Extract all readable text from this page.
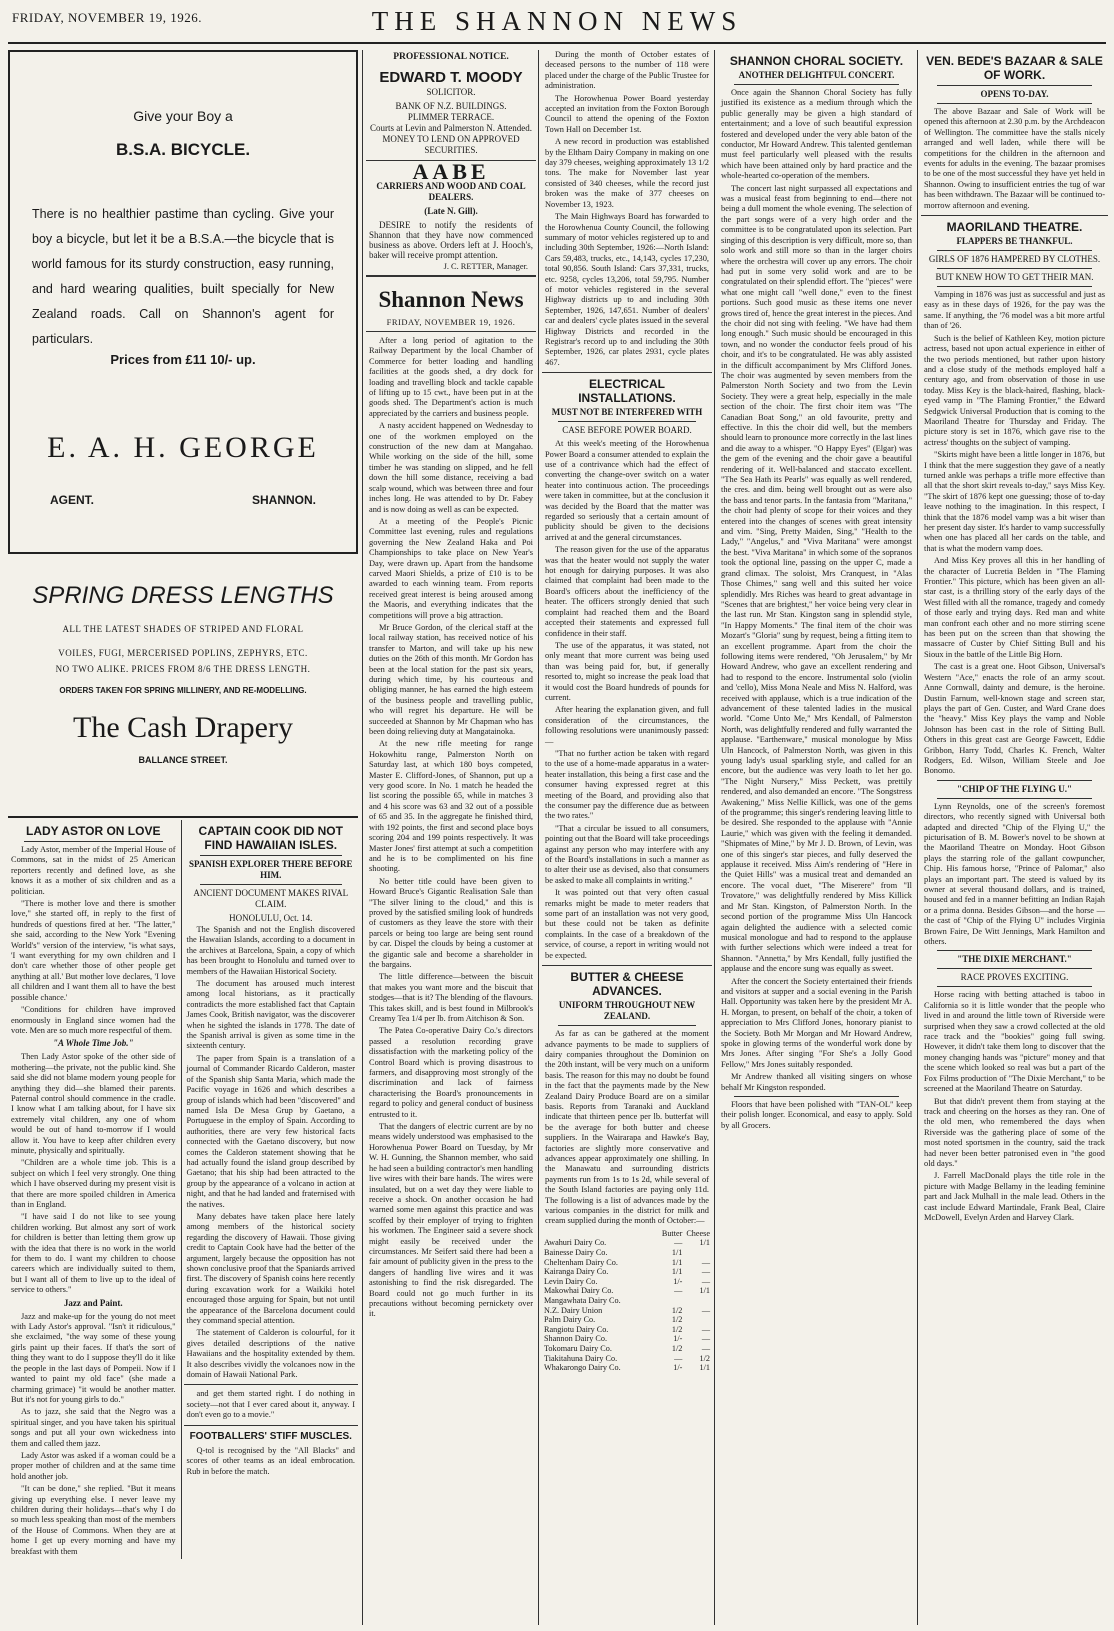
FRIDAY, NOVEMBER 19, 1926.	THE SHANNON NEWS

Give your Boy a

B.S.A. BICYCLE.

There is no healthier pastime than cycling. Give your boy a bicycle, but let it be a B.S.A.—the bicycle that is world famous for its sturdy construction, easy running, and hard wearing qualities, built specially for New Zealand roads. Call on Shannon's agent for particulars.

Prices from £11 10/- up.

E. A. H. GEORGE

AGENT.	SHANNON.

SPRING DRESS LENGTHS

ALL THE LATEST SHADES OF STRIPED AND FLORAL

VOILES, FUGI, MERCERISED POPLINS, ZEPHYRS, ETC.

NO TWO ALIKE. PRICES FROM 8/6 THE DRESS LENGTH.

ORDERS TAKEN FOR SPRING MILLINERY, AND RE-MODELLING.

The Cash Drapery

BALLANCE STREET.

LADY ASTOR ON LOVE

Lady Astor, member of the Imperial House of Commons, sat in the midst of 25 American reporters recently and defined love, as she knows it as a mother of six children and as a politician.

"There is mother love and there is smother love," she started off, in reply to the first of hundreds of questions fired at her. "The latter," she said, according to the New York "Evening World's" version of the interview, "is what says, 'I want everything for my own children and I don't care whether those of other people get anything at all.' But mother love declares, 'I love all children and I want them all to have the best possible chance.'

"Conditions for children have improved enormously in England since women had the vote. Men are so much more respectful of them.

"A Whole Time Job."

Then Lady Astor spoke of the other side of mothering—the private, not the public kind. She said she did not blame modern young people for anything they did—she blamed their parents. Paternal control should commence in the cradle. I know what I am talking about, for I have six extremely vital children, any one of whom would be out of hand to-morrow if I would allow it. You have to keep after children every minute, physically and spiritually.

"Children are a whole time job. This is a subject on which I feel very strongly. One thing which I have observed during my present visit is that there are more spoiled children in America than in England.

"I have said I do not like to see young children working. But almost any sort of work for children is better than letting them grow up with the idea that there is no work in the world for them to do. I want my children to choose careers which are individually suited to them, but I want all of them to live up to the ideal of service to others."

Jazz and Paint.

Jazz and make-up for the young do not meet with Lady Astor's approval. "Isn't it ridiculous," she exclaimed, "the way some of these young girls paint up their faces. If that's the sort of thing they want to do I suppose they'll do it like the people in the last days of Pompeii. Now if I wanted to paint my old face" (she made a charming grimace) "it would be another matter. But it's not for young girls to do."

As to jazz, she said that the Negro was a spiritual singer, and you have taken his spiritual songs and put all your own wickedness into them and called them jazz.

Lady Astor was asked if a woman could be a proper mother of children and at the same time hold another job.

"It can be done," she replied. "But it means giving up everything else. I never leave my children during their holidays—that's why I do so much less speaking than most of the members of the House of Commons. When they are at home I get up every morning and have my breakfast with them

CAPTAIN COOK DID NOT FIND HAWAIIAN ISLES.
SPANISH EXPLORER THERE BEFORE HIM.
ANCIENT DOCUMENT MAKES RIVAL CLAIM.
HONOLULU, Oct. 14.

The Spanish and not the English discovered the Hawaiian Islands, according to a document in the archives at Barcelona, Spain, a copy of which has been brought to Honolulu and turned over to members of the Hawaiian Historical Society.

The document has aroused much interest among local historians, as it practically contradicts the more established fact that Captain James Cook, British navigator, was the discoverer when he sighted the islands in 1778. The date of the Spanish arrival is given as some time in the sixteenth century.

The paper from Spain is a translation of a journal of Commander Ricardo Calderon, master of the Spanish ship Santa Maria, which made the Pacific voyage in 1626 and which describes a group of islands which had been "discovered" and named Isla De Mesa Grup by Gaetano, a Portuguese in the employ of Spain. According to authorities, there are very few historical facts connected with the Gaetano discovery, but now comes the Calderon statement showing that he had actually found the island group described by Gaetano; that his ship had been attracted to the group by the appearance of a volcano in action at night, and that he had landed and fraternised with the natives.

Many debates have taken place here lately among members of the historical society regarding the discovery of Hawaii. Those giving credit to Captain Cook have had the better of the argument, largely because the opposition has not shown conclusive proof that the Spaniards arrived first. The discovery of Spanish coins here recently during excavation work for a Waikiki hotel encouraged those arguing for Spain, but not until the appearance of the Barcelona document could they command special attention.

The statement of Calderon is colourful, for it gives detailed descriptions of the native Hawaiians and the hospitality extended by them. It also describes vividly the volcanoes now in the domain of Hawaii National Park.

and get them started right. I do nothing in society—not that I ever cared about it, anyway. I don't even go to a movie."

FOOTBALLERS' STIFF MUSCLES.

Q-tol is recognised by the "All Blacks" and scores of other teams as an ideal embrocation. Rub in before the match.

PROFESSIONAL NOTICE.
EDWARD T. MOODY
SOLICITOR.
BANK OF N.Z. BUILDINGS.
PLIMMER TERRACE.
Courts at Levin and Palmerston N. Attended.
MONEY TO LEND ON APPROVED SECURITIES.
AABE
CARRIERS AND WOOD AND COAL DEALERS.
(Late N. Gill).

DESIRE to notify the residents of Shannon that they have now commenced business as above. Orders left at J. Hooch's, baker will receive prompt attention.

J. C. RETTER, Manager.
Shannon News
FRIDAY, NOVEMBER 19, 1926.

After a long period of agitation to the Railway Department by the local Chamber of Commerce for better loading and handling facilities at the goods shed, a dry dock for loading and travelling block and tackle capable of lifting up to 15 cwt., have been put in at the goods shed. The Department's action is much appreciated by the carriers and business people.

A nasty accident happened on Wednesday to one of the workmen employed on the construction of the new dam at Mangahao. While working on the side of the hill, some timber he was standing on slipped, and he fell down the hill some distance, receiving a bad scalp wound, which was between three and four inches long. He was attended to by Dr. Fabey and is now doing as well as can be expected.

At a meeting of the People's Picnic Committee last evening, rules and regulations governing the New Zealand Haka and Poi Championships to take place on New Year's Day, were drawn up. Apart from the handsome carved Maori Shields, a prize of £10 is to be awarded to each winning team. From reports received great interest is being aroused among the Maoris, and everything indicates that the competitions will prove a big attraction.

Mr Bruce Gordon, of the clerical staff at the local railway station, has received notice of his transfer to Marton, and will take up his new duties on the 26th of this month. Mr Gordon has been at the local station for the past six years, during which time, by his courteous and obliging manner, he has earned the high esteem of the business people and travelling public, who will regret his departure. He will be succeeded at Shannon by Mr Chapman who has been doing relieving duty at Mangatainoka.

At the new rifle meeting for range Hokowhitu range, Palmerston North on Saturday last, at which 180 boys competed, Master E. Clifford-Jones, of Shannon, put up a very good score. In No. 1 match he headed the list scoring the possible 65, while in matches 3 and 4 his score was 63 and 32 out of a possible of 65 and 35. In the aggregate he finished third, with 192 points, the first and second place boys scoring 204 and 199 points respectively. It was Master Jones' first attempt at such a competition and he is to be complimented on his fine shooting.

No better title could have been given to Howard Bruce's Gigantic Realisation Sale than "The silver lining to the cloud," and this is proved by the satisfied smiling look of hundreds of customers as they leave the store with their parcels or being too large are being sent round by car. Dispel the clouds by being a customer at the gigantic sale and become a shareholder in the bargains.

The little difference—between the biscuit that makes you want more and the biscuit that stodges—that is it? The blending of the flavours. This takes skill, and is best found in Milbrook's Creamy Tea 1/4 per lb. from Aitchison & Son.

The Patea Co-operative Dairy Co.'s directors passed a resolution recording grave dissatisfaction with the marketing policy of the Control Board which is proving disastrous to farmers, and disapproving most strongly of the discrimination and lack of fairness characterising the Board's pronouncements in regard to policy and general conduct of business entrusted to it.

That the dangers of electric current are by no means widely understood was emphasised to the Horowhenua Power Board on Tuesday, by Mr W. H. Gunning, the Shannon member, who said he had seen a building contractor's men handling live wires with their bare hands. The wires were insulated, but on a wet day they were liable to receive a shock. On another occasion he had warned some men against this practice and was scoffed by their employer of trying to frighten his workmen. The Engineer said a severe shock might easily be received under the circumstances. Mr Seifert said there had been a fair amount of publicity given in the press to the dangers of handling live wires and it was astonishing to find the risk disregarded. The Board could not go much further in its precautions without becoming pernickety over it.

During the month of October estates of deceased persons to the number of 118 were placed under the charge of the Public Trustee for administration.

The Horowhenua Power Board yesterday accepted an invitation from the Foxton Borough Council to attend the opening of the Foxton Town Hall on December 1st.

A new record in production was established by the Eltham Dairy Company in making on one day 379 cheeses, weighing approximately 13 1/2 tons. The make for November last year consisted of 340 cheeses, while the record just broken was the make of 377 cheeses on November 13, 1923.

The Main Highways Board has forwarded to the Horowhenua County Council, the following summary of motor vehicles registered up to and including 30th September, 1926:—North Island: Cars 59,483, trucks, etc., 14,143, cycles 17,230, total 90,856. South Island: Cars 37,331, trucks, etc. 9258, cycles 13,206, total 59,795. Number of motor vehicles registered in the several Highway districts up to and including 30th September, 1926, 147,651. Number of dealers' car and dealers' cycle plates issued in the several Highway Districts and recorded in the Registrar's record up to and including the 30th September, 1926, car plates 2931, cycle plates 467.

ELECTRICAL INSTALLATIONS.
MUST NOT BE INTERFERED WITH
CASE BEFORE POWER BOARD.

At this week's meeting of the Horowhenua Power Board a consumer attended to explain the use of a contrivance which had the effect of converting the change-over switch on a water heater into continuous action. The proceedings were taken in committee, but at the conclusion it was decided by the Board that the matter was regarded so seriously that a certain amount of publicity should be given to the decisions arrived at and the general circumstances.

The reason given for the use of the apparatus was that the heater would not supply the water hot enough for dairying purposes. It was also claimed that complaint had been made to the Board's officers about the inefficiency of the heater. The officers strongly denied that such complaint had reached them and the Board accepted their statements and expressed full confidence in their staff.

The use of the apparatus, it was stated, not only meant that more current was being used than was being paid for, but, if generally resorted to, might so increase the peak load that it would cost the Board hundreds of pounds for current.

After hearing the explanation given, and full consideration of the circumstances, the following resolutions were unanimously passed:—

"That no further action be taken with regard to the use of a home-made apparatus in a water-heater installation, this being a first case and the consumer having expressed regret at this meeting of the Board, and providing also that the consumer pay the difference due as between the two rates."

"That a circular be issued to all consumers, pointing out that the Board will take proceedings against any person who may interfere with any of the Board's installations in such a manner as to alter their use as devised, also that consumers be asked to make all complaints in writing."

It was pointed out that very often casual remarks might be made to meter readers that some part of an installation was not very good, but these could not be taken as definite complaints. In the case of a breakdown of the service, of course, a report in writing would not be expected.

BUTTER & CHEESE ADVANCES.
UNIFORM THROUGHOUT NEW ZEALAND.

As far as can be gathered at the moment advance payments to be made to suppliers of dairy companies throughout the Dominion on the 20th instant, will be very much on a uniform basis. The reason for this may no doubt be found in the fact that the payments made by the New Zealand Dairy Produce Board are on a similar basis. Reports from Taranaki and Auckland indicate that thirteen pence per lb. butterfat will be the average for both butter and cheese suppliers. In the Wairarapa and Hawke's Bay, factories are slightly more conservative and advances appear approximately one shilling. In the Manawatu and surrounding districts payments run from 1s to 1s 2d, while several of the South Island factories are paying only 11d. The following is a list of advances made by the various companies in the district for milk and cream supplied during the month of October:—

	Butter	Cheese
Awahuri Dairy Co.	—	1/1
Bainesse Dairy Co.	1/1	
Cheltenham Dairy Co.	1/1	—
Kairanga Dairy Co.	1/1	—
Levin Dairy Co.	1/-	—
Makowhai Dairy Co.	—	1/1
Mangawhata Dairy Co.		
N.Z. Dairy Union	1/2	—
Palm Dairy Co.	1/2	
Rangiotu Dairy Co.	1/2	—
Shannon Dairy Co.	1/-	—
Tokomaru Dairy Co.	1/2	—
Tiakitahuna Dairy Co.	—	1/2
Whakarongo Dairy Co.	1/-	1/1
SHANNON CHORAL SOCIETY.
ANOTHER DELIGHTFUL CONCERT.

Once again the Shannon Choral Society has fully justified its existence as a medium through which the public generally may be given a high standard of entertainment; and a love of such beautiful expression fostered and developed under the very able baton of the conductor, Mr Howard Andrew. This talented gentleman must feel particularly well pleased with the results which have been attained only by hard practice and the whole-hearted co-operation of the members.

The concert last night surpassed all expectations and was a musical feast from beginning to end—there not being a dull moment the whole evening. The selection of the part songs were of a very high order and the committee is to be congratulated upon its selection. Part singing of this description is very difficult, more so, than solo work and still more so than in the larger choirs where the orchestra will cover up any errors. The choir had put in some very solid work and are to be congratulated on their splendid effort. The "pieces" were what one might call "well done," even to the finest portions. Such good music as these items one never grows tired of, hence the great interest in the pieces. And the choir did not sing with feeling. "We have had them long enough." Such music should be encouraged in this town, and no wonder the conductor feels proud of his choir, and it's to be congratulated. He was ably assisted in the difficult accompaniment by Mrs Clifford Jones. The choir was augmented by seven members from the Palmerston North Society and two from the Levin Society. They were a great help, especially in the male section of the choir. The first choir item was "The Canadian Boat Song," an old favourite, pretty and effective. In this the choir did well, but the members should learn to pronounce more correctly in the last lines and die away to a whisper. "O Happy Eyes" (Elgar) was the gem of the evening and the choir gave a beautiful rendering of it. Well-balanced and staccato excellent. "The Sea Hath its Pearls" was equally as well rendered, the cres. and dim. being well brought out as were also the bass and tenor parts. In the fantasia from "Maritana," the choir had plenty of scope for their voices and they entered into the changes of scenes with great intensity and vim. "Sing, Pretty Maiden, Sing," "Health to the Lady," "Angelus," and "Viva Maritana" were amongst the best. "Viva Maritana" in which some of the sopranos took the optional line, passing on the upper C, made a grand climax. The soloist, Mrs Cranquest, in "Alas Those Chimes," sang well and this suited her voice splendidly. Mrs Riches was heard to great advantage in "Scenes that are brightest," her voice being very clear in the last run. Mr Stan. Kingston sang in splendid style, "In Happy Moments." The final item of the choir was Mozart's "Gloria" sung by request, being a fitting item to an excellent programme. Apart from the choir the following items were rendered, "Oh Jerusalem," by Mr Howard Andrew, who gave an excellent rendering and had to respond to the encore. Instrumental solo (violin and 'cello), Miss Mona Neale and Miss N. Halford, was received with applause, which is a true indication of the advancement of these talented ladies in the musical world. "Come Unto Me," Mrs Kendall, of Palmerston North, was delightfully rendered and fully warranted the applause. "Earthenware," musical monologue by Miss Uln Hancock, of Palmerston North, was given in this young lady's usual sparkling style, and called for an encore, but the audience was very loath to let her go. "The Night Nursery," Miss Peckett, was prettily rendered, and also demanded an encore. "The Songstress Awakening," Miss Nellie Killick, was one of the gems of the programme; this singer's rendering leaving little to be desired. She responded to the applause with "Annie Laurie," which was given with the feeling it demanded. "Shipmates of Mine," by Mr J. D. Brown, of Levin, was one of this singer's star pieces, and fully deserved the applause it received. Miss Aim's rendering of "Here in the Quiet Hills" was a musical treat and demanded an encore. The vocal duet, "The Miserere" from "Il Trovatore," was delightfully rendered by Miss Killick and Mr Stan. Kingston, of Palmerston North. In the second portion of the programme Miss Uln Hancock again delighted the audience with a selected comic musical monologue and had to respond to the applause with further selections which were indeed a treat for Shannon. "Annetta," by Mrs Kendall, fully justified the applause and the encore sung was equally as sweet.

After the concert the Society entertained their friends and visitors at supper and a social evening in the Parish Hall. Opportunity was taken here by the president Mr A. H. Morgan, to present, on behalf of the choir, a token of appreciation to Mrs Clifford Jones, honorary pianist to the Society. Both Mr Morgan and Mr Howard Andrew, spoke in glowing terms of the wonderful work done by Mrs Jones. After singing "For She's a Jolly Good Fellow," Mrs Jones suitably responded.

Mr Andrew thanked all visiting singers on whose behalf Mr Kingston responded.

Floors that have been polished with "TAN-OL" keep their polish longer. Economical, and easy to apply. Sold by all Grocers.

VEN. BEDE'S BAZAAR & SALE OF WORK.
OPENS TO-DAY.

The above Bazaar and Sale of Work will be opened this afternoon at 2.30 p.m. by the Archdeacon of Wellington. The committee have the stalls nicely arranged and well laden, while there will be competitions for the children in the afternoon and events for adults in the evening. The bazaar promises to be one of the most successful they have yet held in Shannon. Owing to insufficient entries the tug of war has been withdrawn. The Bazaar will be continued to-morrow afternoon and evening.

MAORILAND THEATRE.
FLAPPERS BE THANKFUL.
GIRLS OF 1876 HAMPERED BY CLOTHES.
BUT KNEW HOW TO GET THEIR MAN.

Vamping in 1876 was just as successful and just as easy as in these days of 1926, for the pay was the same. If anything, the '76 model was a bit more artful than of '26.

Such is the belief of Kathleen Key, motion picture actress, based not upon actual experience in either of the two periods mentioned, but rather upon history and a close study of the methods employed half a century ago, and from observation of those in use today. Miss Key is the black-haired, flashing, black-eyed vamp in "The Flaming Frontier," the Edward Sedgwick Universal Production that is coming to the Maoriland Theatre for Thursday and Friday. The picture story is set in 1876, which gave rise to the actress' thoughts on the subject of vamping.

"Skirts might have been a little longer in 1876, but I think that the mere suggestion they gave of a neatly turned ankle was perhaps a trifle more effective than all that the short skirt reveals to-day," says Miss Key. "The skirt of 1876 kept one guessing; those of to-day leave nothing to the imagination. In this respect, I think that the 1876 model vamp was a bit wiser than her present day sister. It's harder to vamp successfully when one has placed all her cards on the table, and that is what the modern vamp does.

And Miss Key proves all this in her handling of the character of Lucretia Belden in "The Flaming Frontier." This picture, which has been given an all-star cast, is a thrilling story of the early days of the West filled with all the romance, tragedy and comedy of those early and trying days. Red man and white man confront each other and no more stirring scene has been put on the screen than that showing the massacre of Custer by Chief Sitting Bull and his Sioux in the battle of the Little Big Horn.

The cast is a great one. Hoot Gibson, Universal's Western "Ace," enacts the role of an army scout. Anne Cornwall, dainty and demure, is the heroine. Dustin Farnum, well-known stage and screen star, plays the part of Gen. Custer, and Ward Crane does the "heavy." Miss Key plays the vamp and Noble Johnson has been cast in the role of Sitting Bull. Others in this great cast are George Fawcett, Eddie Gribbon, Harry Todd, Charles K. French, Walter Rodgers, Ed. Wilson, William Steele and Joe Bonomo.

"CHIP OF THE FLYING U."

Lynn Reynolds, one of the screen's foremost directors, who recently signed with Universal both adapted and directed "Chip of the Flying U," the picturisation of B. M. Bower's novel to be shown at the Maoriland Theatre on Monday. Hoot Gibson plays the starring role of the gallant cowpuncher, Chip. His famous horse, "Prince of Palomar," also plays an important part. The steed is valued by its owner at several thousand dollars, and is trained, housed and fed in a manner befitting an Indian Rajah or a prima donna. Besides Gibson—and the horse —the cast of "Chip of the Flying U" includes Virginia Brown Faire, De Witt Jennings, Mark Hamilton and others.

"THE DIXIE MERCHANT."
RACE PROVES EXCITING.

Horse racing with betting attached is taboo in California so it is little wonder that the people who lived in and around the little town of Riverside were surprised when they saw a crowd collected at the old race track and the "bookies" going full swing. However, it didn't take them long to discover that the money changing hands was "picture" money and that the scene which looked so real was but a part of the Fox Films production of "The Dixie Merchant," to be screened at the Maoriland Theatre on Saturday.

But that didn't prevent them from staying at the track and cheering on the horses as they ran. One of the old men, who remembered the days when Riverside was the gathering place of some of the most noted sportsmen in the country, said the track had never been better patronised even in "the good old days."

J. Farrell MacDonald plays the title role in the picture with Madge Bellamy in the leading feminine part and Jack Mulhall in the male lead. Others in the cast include Edward Martindale, Frank Beal, Claire McDowell, Evelyn Arden and Harvey Clark.
